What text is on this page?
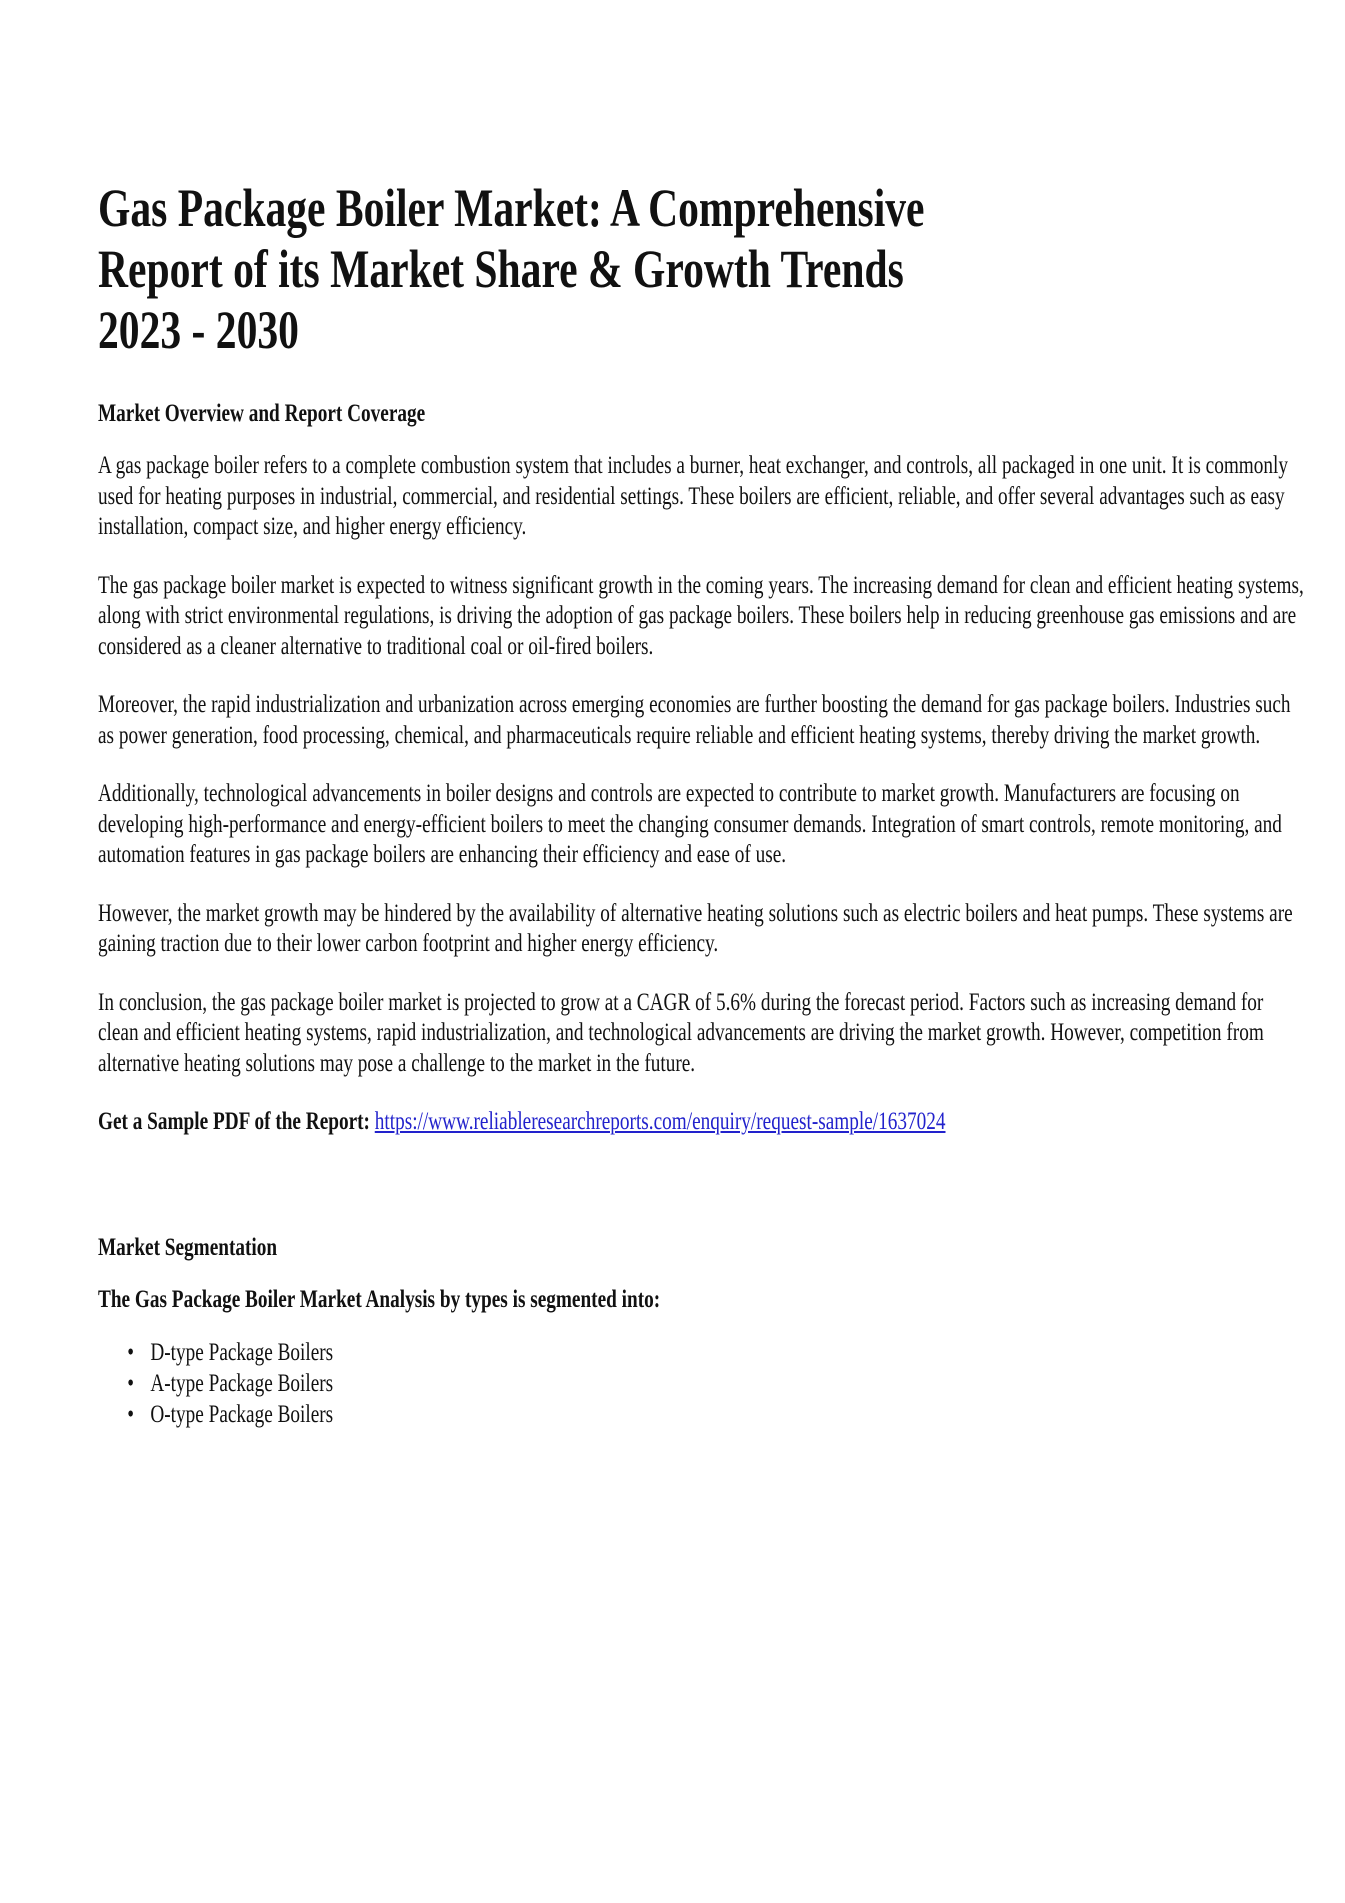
Gas Package Boiler Market: A Comprehensive
Report of its Market Share & Growth Trends
2023 - 2030
Market Overview and Report Coverage

A gas package boiler refers to a complete combustion system that includes a burner, heat exchanger, and controls, all packaged in one unit. It is commonly used for heating purposes in industrial, commercial, and residential settings. These boilers are efficient, reliable, and offer several advantages such as easy installation, compact size, and higher energy efficiency.

The gas package boiler market is expected to witness significant growth in the coming years. The increasing demand for clean and efficient heating systems, along with strict environmental regulations, is driving the adoption of gas package boilers. These boilers help in reducing greenhouse gas emissions and are considered as a cleaner alternative to traditional coal or oil-fired boilers.

Moreover, the rapid industrialization and urbanization across emerging economies are further boosting the demand for gas package boilers. Industries such as power generation, food processing, chemical, and pharmaceuticals require reliable and efficient heating systems, thereby driving the market growth.

Additionally, technological advancements in boiler designs and controls are expected to contribute to market growth. Manufacturers are focusing on developing high-performance and energy-efficient boilers to meet the changing consumer demands. Integration of smart controls, remote monitoring, and automation features in gas package boilers are enhancing their efficiency and ease of use.

However, the market growth may be hindered by the availability of alternative heating solutions such as electric boilers and heat pumps. These systems are gaining traction due to their lower carbon footprint and higher energy efficiency.

In conclusion, the gas package boiler market is projected to grow at a CAGR of 5.6% during the forecast period. Factors such as increasing demand for clean and efficient heating systems, rapid industrialization, and technological advancements are driving the market growth. However, competition from alternative heating solutions may pose a challenge to the market in the future.

Get a Sample PDF of the Report: https://www.reliableresearchreports.com/enquiry/request-sample/1637024

Market Segmentation
The Gas Package Boiler Market Analysis by types is segmented into:
• D-type Package Boilers
• A-type Package Boilers
• O-type Package Boilers
